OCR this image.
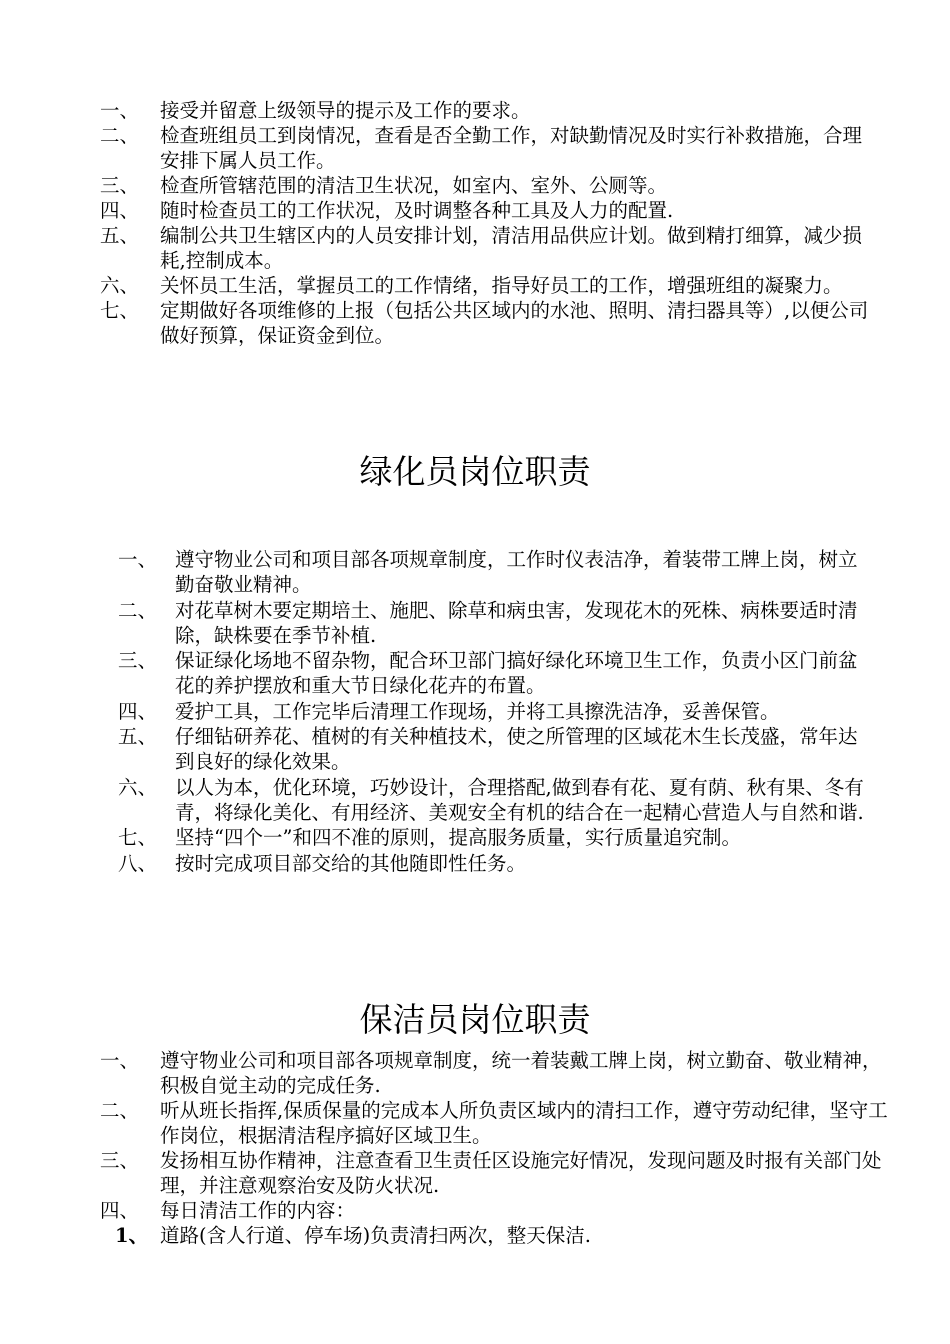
一、	接受并留意上级领导的提示及工作的要求。
二、	检查班组员工到岗情况，查看是否全勤工作，对缺勤情况及时实行补救措施，合理安排下属人员工作。
三、	检查所管辖范围的清洁卫生状况，如室内、室外、公厕等。
四、	随时检查员工的工作状况，及时调整各种工具及人力的配置.
五、	编制公共卫生辖区内的人员安排计划，清洁用品供应计划。做到精打细算，减少损耗,控制成本。
六、	关怀员工生活，掌握员工的工作情绪，指导好员工的工作，增强班组的凝聚力。
七、	定期做好各项维修的上报（包括公共区域内的水池、照明、清扫器具等）,以便公司做好预算，保证资金到位。
绿化员岗位职责
一、 遵守物业公司和项目部各项规章制度，工作时仪表洁净，着装带工牌上岗，树立勤奋敬业精神。
二、 对花草树木要定期培土、施肥、除草和病虫害，发现花木的死株、病株要适时清除，缺株要在季节补植.
三、 保证绿化场地不留杂物，配合环卫部门搞好绿化环境卫生工作，负责小区门前盆花的养护摆放和重大节日绿化花卉的布置。
四、 爱护工具，工作完毕后清理工作现场，并将工具擦洗洁净，妥善保管。
五、 仔细钻研养花、植树的有关种植技术，使之所管理的区域花木生长茂盛，常年达到良好的绿化效果。
六、 以人为本，优化环境，巧妙设计，合理搭配,做到春有花、夏有荫、秋有果、冬有青，将绿化美化、有用经济、美观安全有机的结合在一起精心营造人与自然和谐.
七、 坚持“四个一”和四不准的原则，提高服务质量，实行质量追究制。
八、 按时完成项目部交给的其他随即性任务。
保洁员岗位职责
一、	遵守物业公司和项目部各项规章制度，统一着装戴工牌上岗，树立勤奋、敬业精神，积极自觉主动的完成任务.
二、	听从班长指挥,保质保量的完成本人所负责区域内的清扫工作，遵守劳动纪律，坚守工作岗位，根据清洁程序搞好区域卫生。
三、	发扬相互协作精神，注意查看卫生责任区设施完好情况，发现问题及时报有关部门处理，并注意观察治安及防火状况.
四、	每日清洁工作的内容：
1、 道路(含人行道、停车场)负责清扫两次，整天保洁.
